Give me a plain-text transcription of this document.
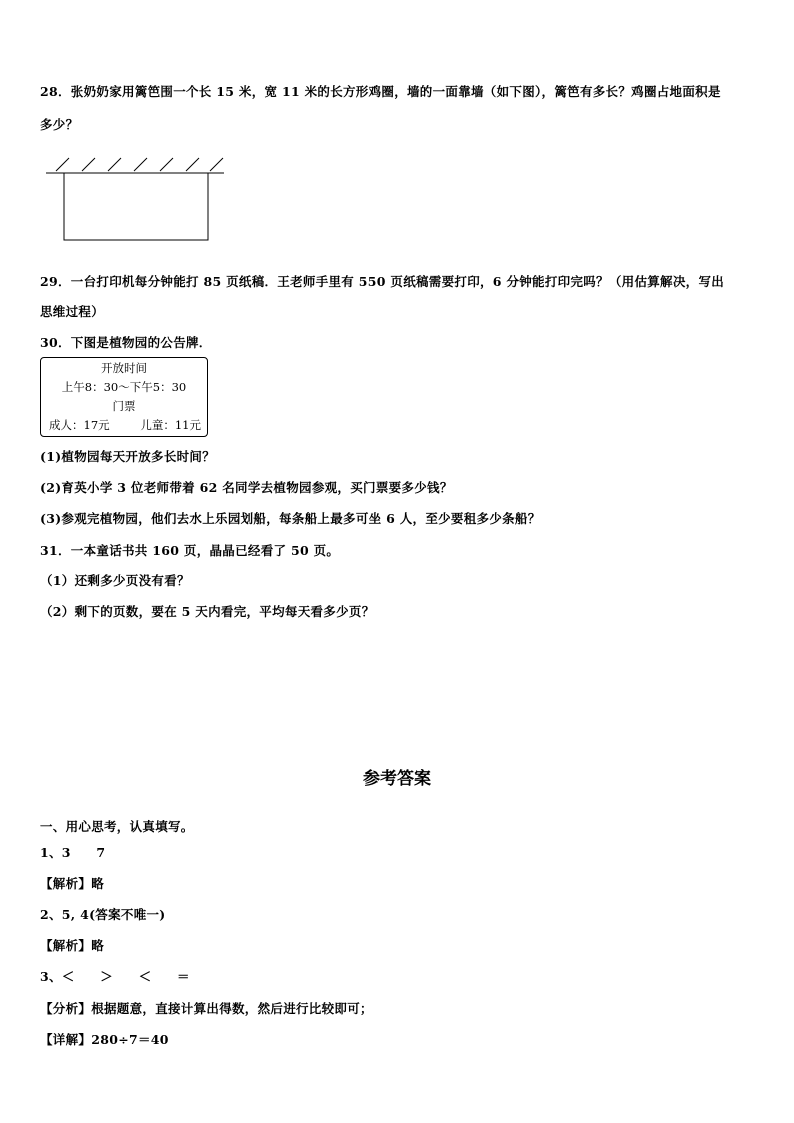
28．张奶奶家用篱笆围一个长 15 米，宽 11 米的长方形鸡圈，墙的一面靠墙（如下图），篱笆有多长？鸡圈占地面积是
多少？
29．一台打印机每分钟能打 85 页纸稿．王老师手里有 550 页纸稿需要打印，6 分钟能打印完吗？（用估算解决，写出
思维过程）
30．下图是植物园的公告牌．
开放时间
上午8：30～下午5：30
门票
成人：17元	儿童：11元
(1)植物园每天开放多长时间？
(2)育英小学 3 位老师带着 62 名同学去植物园参观，买门票要多少钱？
(3)参观完植物园，他们去水上乐园划船，每条船上最多可坐 6 人，至少要租多少条船？
31．一本童话书共 160 页，晶晶已经看了 50 页。
（1）还剩多少页没有看？
（2）剩下的页数，要在 5 天内看完，平均每天看多少页？
参考答案
一、用心思考，认真填写。
1、3　　7
【解析】略
2、5, 4(答案不唯一)
【解析】略
3、＜　　＞　　＜　　＝
【分析】根据题意，直接计算出得数，然后进行比较即可；
【详解】280÷7＝40
